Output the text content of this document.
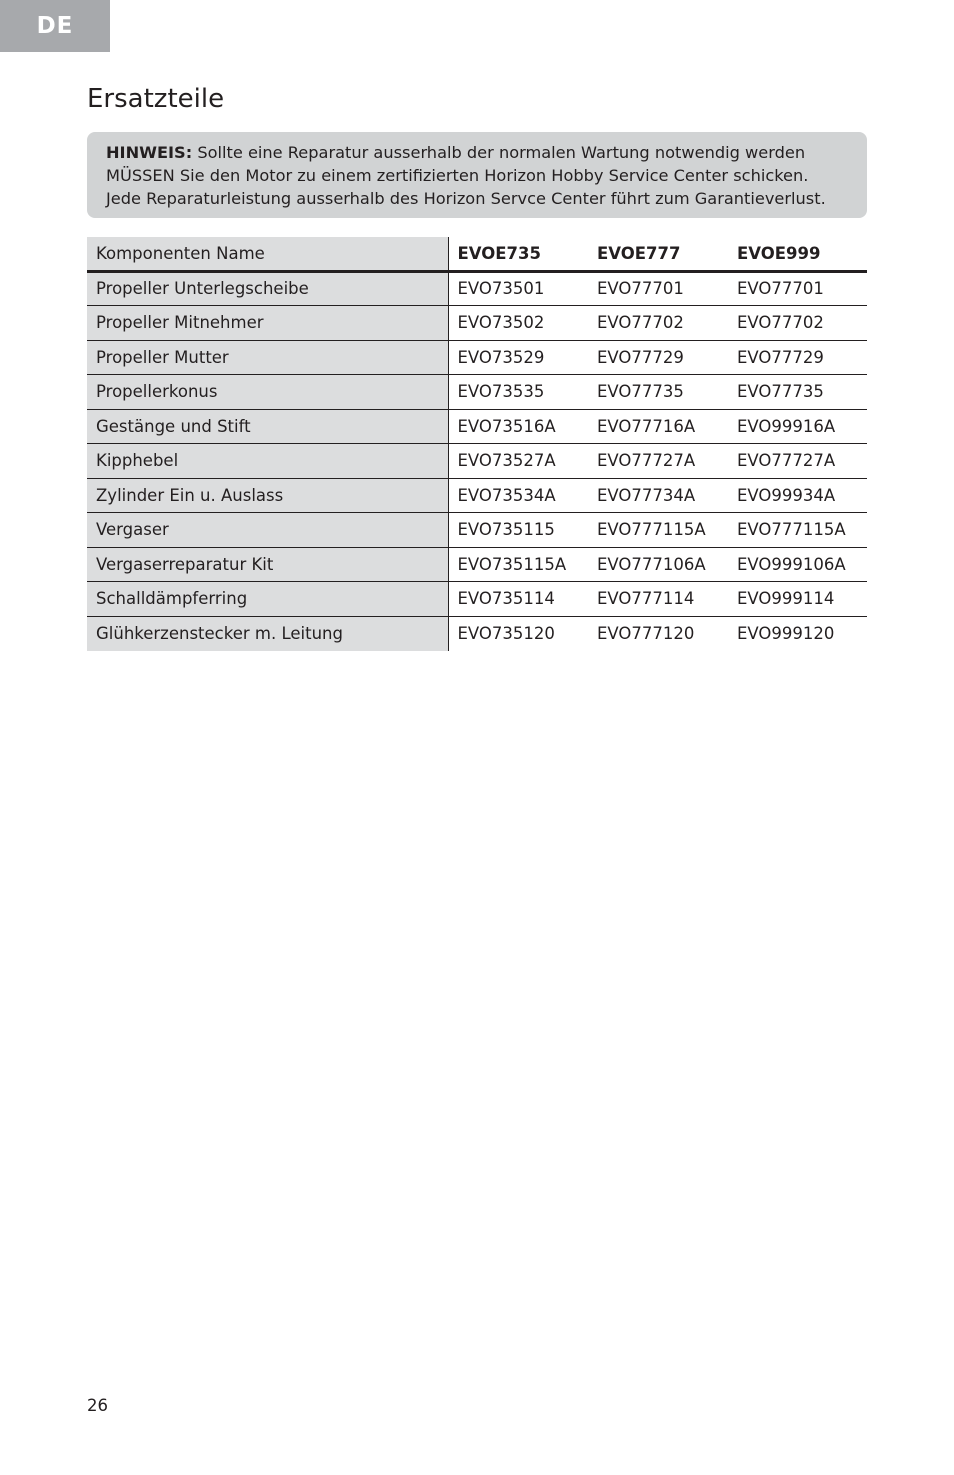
DE
Ersatzteile

HINWEIS: Sollte eine Reparatur ausserhalb der normalen Wartung notwendig werden

MÜSSEN Sie den Motor zu einem zertifizierten Horizon Hobby Service Center schicken.

Jede Reparaturleistung ausserhalb des Horizon Servce Center führt zum Garantieverlust.

Komponenten Name	EVOE735	EVOE777	EVOE999
Propeller Unterlegscheibe	EVO73501	EVO77701	EVO77701
Propeller Mitnehmer	EVO73502	EVO77702	EVO77702
Propeller Mutter	EVO73529	EVO77729	EVO77729
Propellerkonus	EVO73535	EVO77735	EVO77735
Gestänge und Stift	EVO73516A	EVO77716A	EVO99916A
Kipphebel	EVO73527A	EVO77727A	EVO77727A
Zylinder Ein u. Auslass	EVO73534A	EVO77734A	EVO99934A
Vergaser	EVO735115	EVO777115A	EVO777115A
Vergaserreparatur Kit	EVO735115A	EVO777106A	EVO999106A
Schalldämpferring	EVO735114	EVO777114	EVO999114
Glühkerzenstecker m. Leitung	EVO735120	EVO777120	EVO999120
26
